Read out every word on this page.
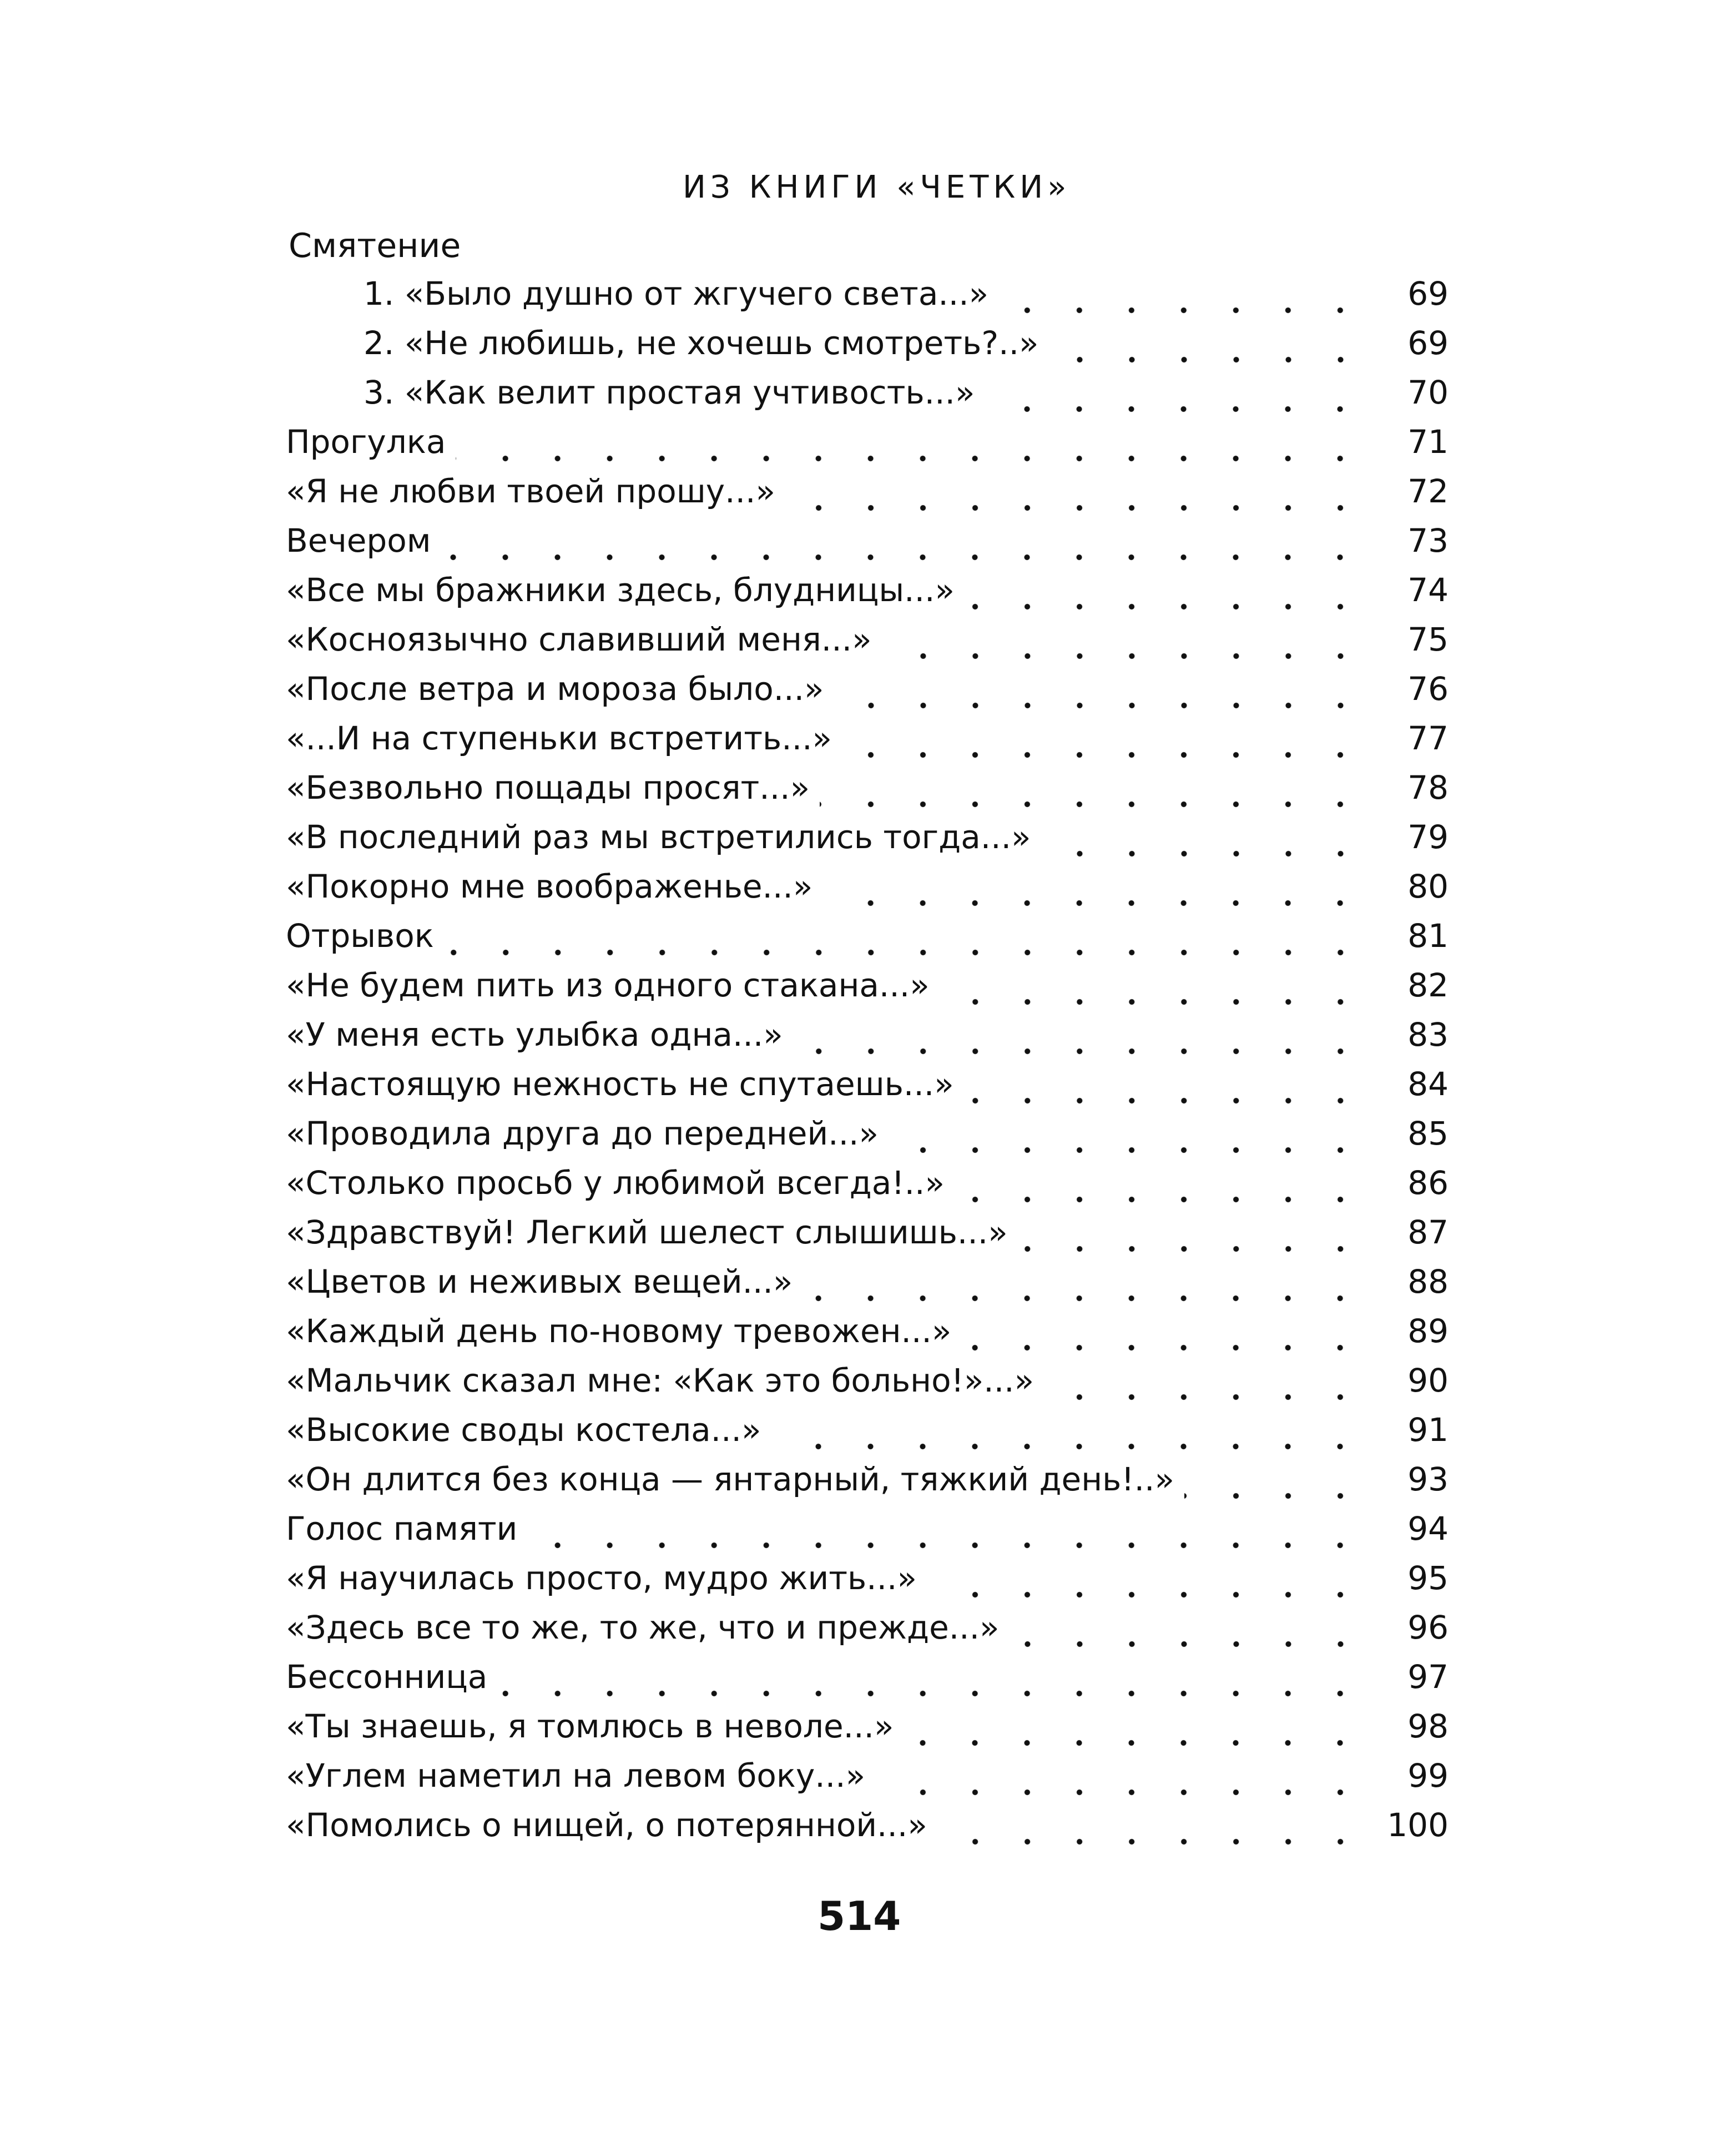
ИЗ КНИГИ «ЧЕТКИ»
Смятение
1. «Было душно от жгучего света...»	69
2. «Не любишь, не хочешь смотреть?..»	69
3. «Как велит простая учтивость...»	70
Прогулка	71
«Я не любви твоей прошу...»	72
Вечером	73
«Все мы бражники здесь, блудницы...»	74
«Косноязычно славивший меня...»	75
«После ветра и мороза было...»	76
«...И на ступеньки встретить...»	77
«Безвольно пощады просят...»	78
«В последний раз мы встретились тогда...»	79
«Покорно мне воображенье...»	80
Отрывок	81
«Не будем пить из одного стакана...»	82
«У меня есть улыбка одна...»	83
«Настоящую нежность не спутаешь...»	84
«Проводила друга до передней...»	85
«Столько просьб у любимой всегда!..»	86
«Здравствуй! Легкий шелест слышишь...»	87
«Цветов и неживых вещей...»	88
«Каждый день по-новому тревожен...»	89
«Мальчик сказал мне: «Как это больно!»...»	90
«Высокие своды костела...»	91
«Он длится без конца — янтарный, тяжкий день!..»	93
Голос памяти	94
«Я научилась просто, мудро жить...»	95
«Здесь все то же, то же, что и прежде...»	96
Бессонница	97
«Ты знаешь, я томлюсь в неволе...»	98
«Углем наметил на левом боку...»	99
«Помолись о нищей, о потерянной...»	100
514
